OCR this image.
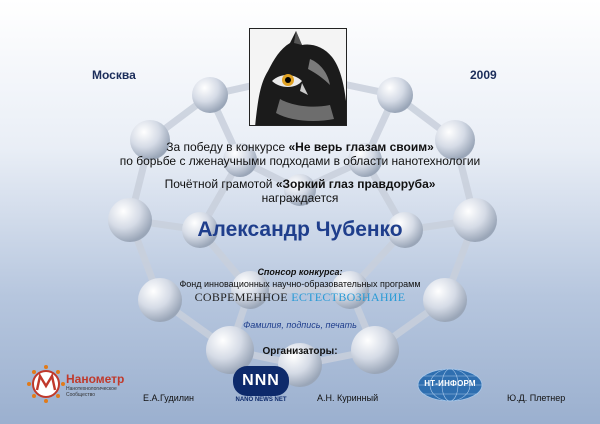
Москва	2009
За победу в конкурсе «Не верь глазам своим»
по борьбе с лженаучными подходами в области нанотехнологии
Почётной грамотой «Зоркий глаз правдоруба»
награждается
Александр Чубенко
Спонсор конкурса:
Фонд инновационных научно-образовательных программ
СОВРЕМЕННОЕ ЕСТЕСТВОЗНАНИЕ
Фамилия, подпись, печать
Организаторы:
Нанометр
Нанотехнологическое Сообщество
NNN
NANO NEWS NET
НТ-ИНФОРМ
Е.А.Гудилин	А.Н. Куринный	Ю.Д. Плетнер
